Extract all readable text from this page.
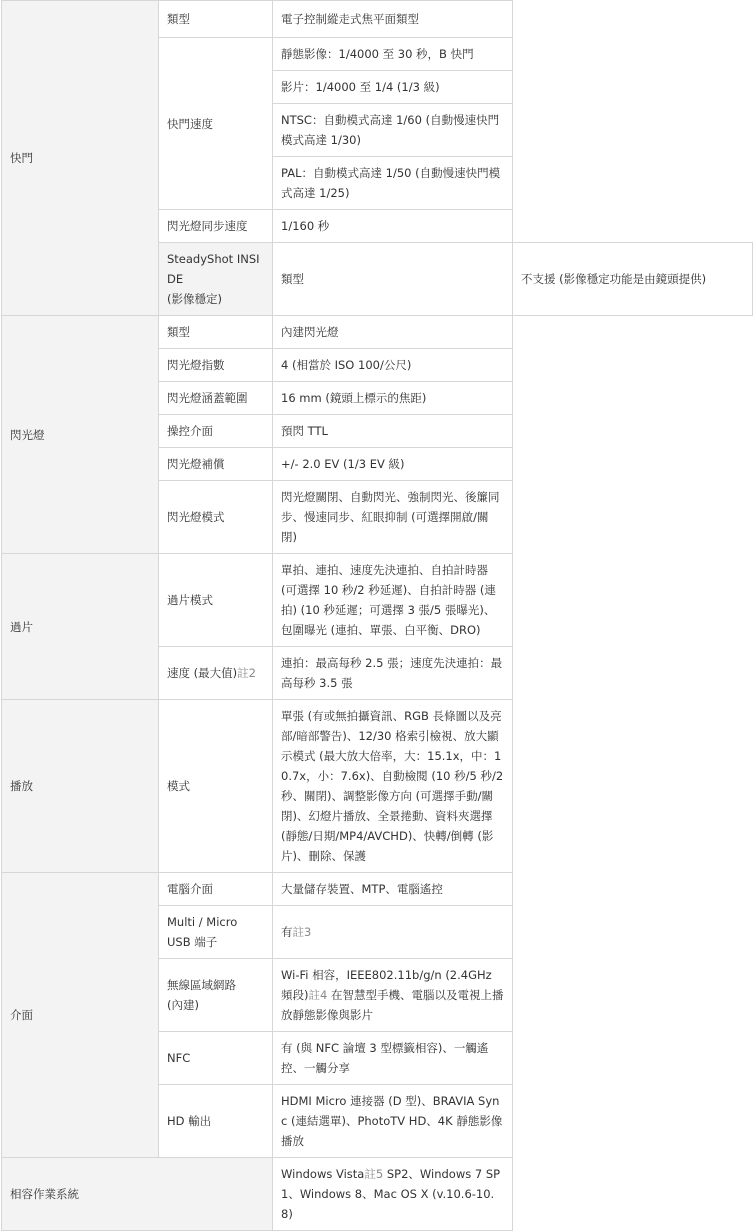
快門	類型	電子控制縱走式焦平面類型	
	快門速度	靜態影像：1/4000 至 30 秒，B 快門	
		影片：1/4000 至 1/4 (1/3 級)	
		NTSC：自動模式高達 1/60 (自動慢速快門模式高達 1/30)	
		PAL：自動模式高達 1/50 (自動慢速快門模式高達 1/25)	
	閃光燈同步速度	1/160 秒	

	SteadyShot INSIDE
(影像穩定)	類型	不支援 (影像穩定功能是由鏡頭提供)
閃光燈	類型	內建閃光燈	
	閃光燈指數	4 (相當於 ISO 100/公尺)	
	閃光燈涵蓋範圍	16 mm (鏡頭上標示的焦距)	
	操控介面	預閃 TTL	
	閃光燈補償	+/- 2.0 EV (1/3 EV 級)	
	閃光燈模式	閃光燈關閉、自動閃光、強制閃光、後簾同步、慢速同步、紅眼抑制 (可選擇開啟/關閉)	
過片	過片模式	單拍、連拍、速度先決連拍、自拍計時器 (可選擇 10 秒/2 秒延遲)、自拍計時器 (連拍) (10 秒延遲；可選擇 3 張/5 張曝光)、包圍曝光 (連拍、單張、白平衡、DRO)	
	速度 (最大值)註2	連拍：最高每秒 2.5 張；速度先決連拍：最高每秒 3.5 張	
播放	模式	單張 (有或無拍攝資訊、RGB 長條圖以及亮部/暗部警告)、12/30 格索引檢視、放大顯示模式 (最大放大倍率，大：15.1x，中：10.7x，小：7.6x)、自動檢閱 (10 秒/5 秒/2 秒、關閉)、調整影像方向 (可選擇手動/關閉)、幻燈片播放、全景捲動、資料夾選擇 (靜態/日期/MP4/AVCHD)、快轉/倒轉 (影片)、刪除、保護	
介面	電腦介面	大量儲存裝置、MTP、電腦遙控	

	Multi / Micro
USB 端子	有註3	

	無線區域網路
(內建)	Wi-Fi 相容，IEEE802.11b/g/n (2.4GHz 頻段)註4 在智慧型手機、電腦以及電視上播放靜態影像與影片	
	NFC	有 (與 NFC 論壇 3 型標籤相容)、一觸遙控、一觸分享	
	HD 輸出	HDMI Micro 連接器 (D 型)、BRAVIA Sync (連結選單)、PhotoTV HD、4K 靜態影像播放	
相容作業系統		Windows Vista註5 SP2、Windows 7 SP1、Windows 8、Mac OS X (v.10.6-10.8)	
